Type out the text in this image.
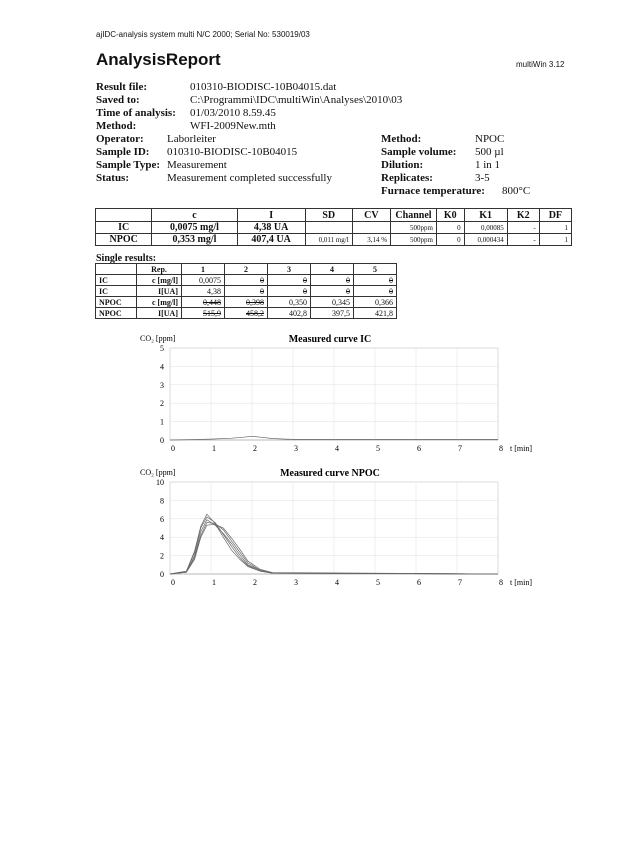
ajIDC-analysis system multi N/C 2000; Serial No: 530019/03
AnalysisReport	multiWin 3.12
Result file:	010310-BIODISC-10B04015.dat
Saved to:	C:\Programmi\IDC\multiWin\Analyses\2010\03
Time of analysis: 01/03/2010 8.59.45
Method:	WFI-2009New.mth
Operator: Laborleiter
Sample ID: 010310-BIODISC-10B04015
Sample Type: Measurement
Status:	Measurement completed successfully
Method:	NPOC
Sample volume: 500 µl
Dilution:	1 in 1
Replicates:	3-5
Furnace temperature: 800°C
	c	I	SD	CV	Channel	K0	K1	K2	DF
IC	0,0075 mg/l	4,38 UA			500ppm	0	0,00085	-	1
NPOC	0,353 mg/l	407,4 UA	0,011 mg/l	3,14 %	500ppm	0	0,000434	-	1
Single results:
	Rep.	1	2	3	4	5
IC	c [mg/l]	0,0075	0	0	0	0
IC	I[UA]	4,38	0	0	0	0
NPOC	c [mg/l]	0,448	0,398	0,350	0,345	0,366
NPOC	I[UA]	515,9	458,2	402,8	397,5	421,8
CO₂ [ppm]	Measured curve IC
0
1
2
3
4
5
0	1	2	3	4	5	6	7	8 t [min]
CO₂ [ppm]	Measured curve NPOC
0
2
4
6
8
10
0	1	2	3	4	5	6	7	8 t [min]
